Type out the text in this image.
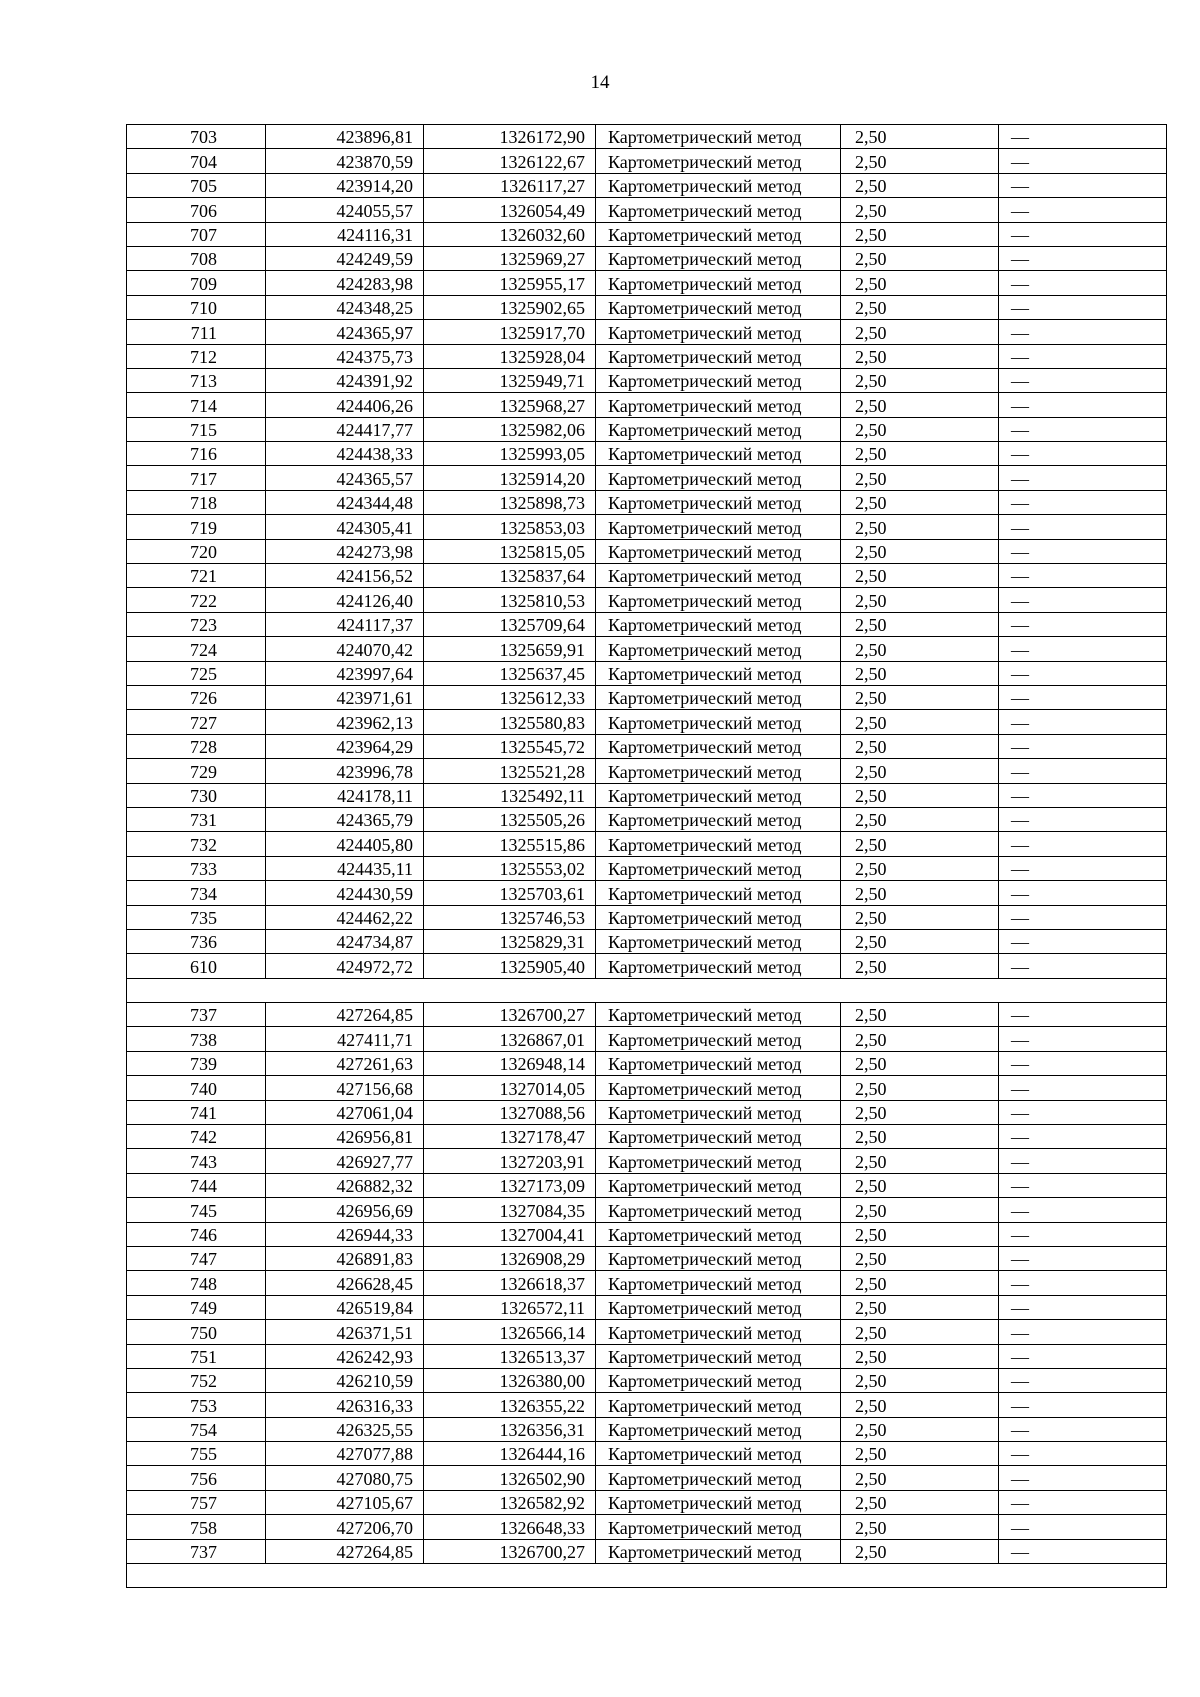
14
703	423896,81	1326172,90	Картометрический метод	2,50	—
704	423870,59	1326122,67	Картометрический метод	2,50	—
705	423914,20	1326117,27	Картометрический метод	2,50	—
706	424055,57	1326054,49	Картометрический метод	2,50	—
707	424116,31	1326032,60	Картометрический метод	2,50	—
708	424249,59	1325969,27	Картометрический метод	2,50	—
709	424283,98	1325955,17	Картометрический метод	2,50	—
710	424348,25	1325902,65	Картометрический метод	2,50	—
711	424365,97	1325917,70	Картометрический метод	2,50	—
712	424375,73	1325928,04	Картометрический метод	2,50	—
713	424391,92	1325949,71	Картометрический метод	2,50	—
714	424406,26	1325968,27	Картометрический метод	2,50	—
715	424417,77	1325982,06	Картометрический метод	2,50	—
716	424438,33	1325993,05	Картометрический метод	2,50	—
717	424365,57	1325914,20	Картометрический метод	2,50	—
718	424344,48	1325898,73	Картометрический метод	2,50	—
719	424305,41	1325853,03	Картометрический метод	2,50	—
720	424273,98	1325815,05	Картометрический метод	2,50	—
721	424156,52	1325837,64	Картометрический метод	2,50	—
722	424126,40	1325810,53	Картометрический метод	2,50	—
723	424117,37	1325709,64	Картометрический метод	2,50	—
724	424070,42	1325659,91	Картометрический метод	2,50	—
725	423997,64	1325637,45	Картометрический метод	2,50	—
726	423971,61	1325612,33	Картометрический метод	2,50	—
727	423962,13	1325580,83	Картометрический метод	2,50	—
728	423964,29	1325545,72	Картометрический метод	2,50	—
729	423996,78	1325521,28	Картометрический метод	2,50	—
730	424178,11	1325492,11	Картометрический метод	2,50	—
731	424365,79	1325505,26	Картометрический метод	2,50	—
732	424405,80	1325515,86	Картометрический метод	2,50	—
733	424435,11	1325553,02	Картометрический метод	2,50	—
734	424430,59	1325703,61	Картометрический метод	2,50	—
735	424462,22	1325746,53	Картометрический метод	2,50	—
736	424734,87	1325829,31	Картометрический метод	2,50	—
610	424972,72	1325905,40	Картометрический метод	2,50	—

737	427264,85	1326700,27	Картометрический метод	2,50	—
738	427411,71	1326867,01	Картометрический метод	2,50	—
739	427261,63	1326948,14	Картометрический метод	2,50	—
740	427156,68	1327014,05	Картометрический метод	2,50	—
741	427061,04	1327088,56	Картометрический метод	2,50	—
742	426956,81	1327178,47	Картометрический метод	2,50	—
743	426927,77	1327203,91	Картометрический метод	2,50	—
744	426882,32	1327173,09	Картометрический метод	2,50	—
745	426956,69	1327084,35	Картометрический метод	2,50	—
746	426944,33	1327004,41	Картометрический метод	2,50	—
747	426891,83	1326908,29	Картометрический метод	2,50	—
748	426628,45	1326618,37	Картометрический метод	2,50	—
749	426519,84	1326572,11	Картометрический метод	2,50	—
750	426371,51	1326566,14	Картометрический метод	2,50	—
751	426242,93	1326513,37	Картометрический метод	2,50	—
752	426210,59	1326380,00	Картометрический метод	2,50	—
753	426316,33	1326355,22	Картометрический метод	2,50	—
754	426325,55	1326356,31	Картометрический метод	2,50	—
755	427077,88	1326444,16	Картометрический метод	2,50	—
756	427080,75	1326502,90	Картометрический метод	2,50	—
757	427105,67	1326582,92	Картометрический метод	2,50	—
758	427206,70	1326648,33	Картометрический метод	2,50	—
737	427264,85	1326700,27	Картометрический метод	2,50	—
